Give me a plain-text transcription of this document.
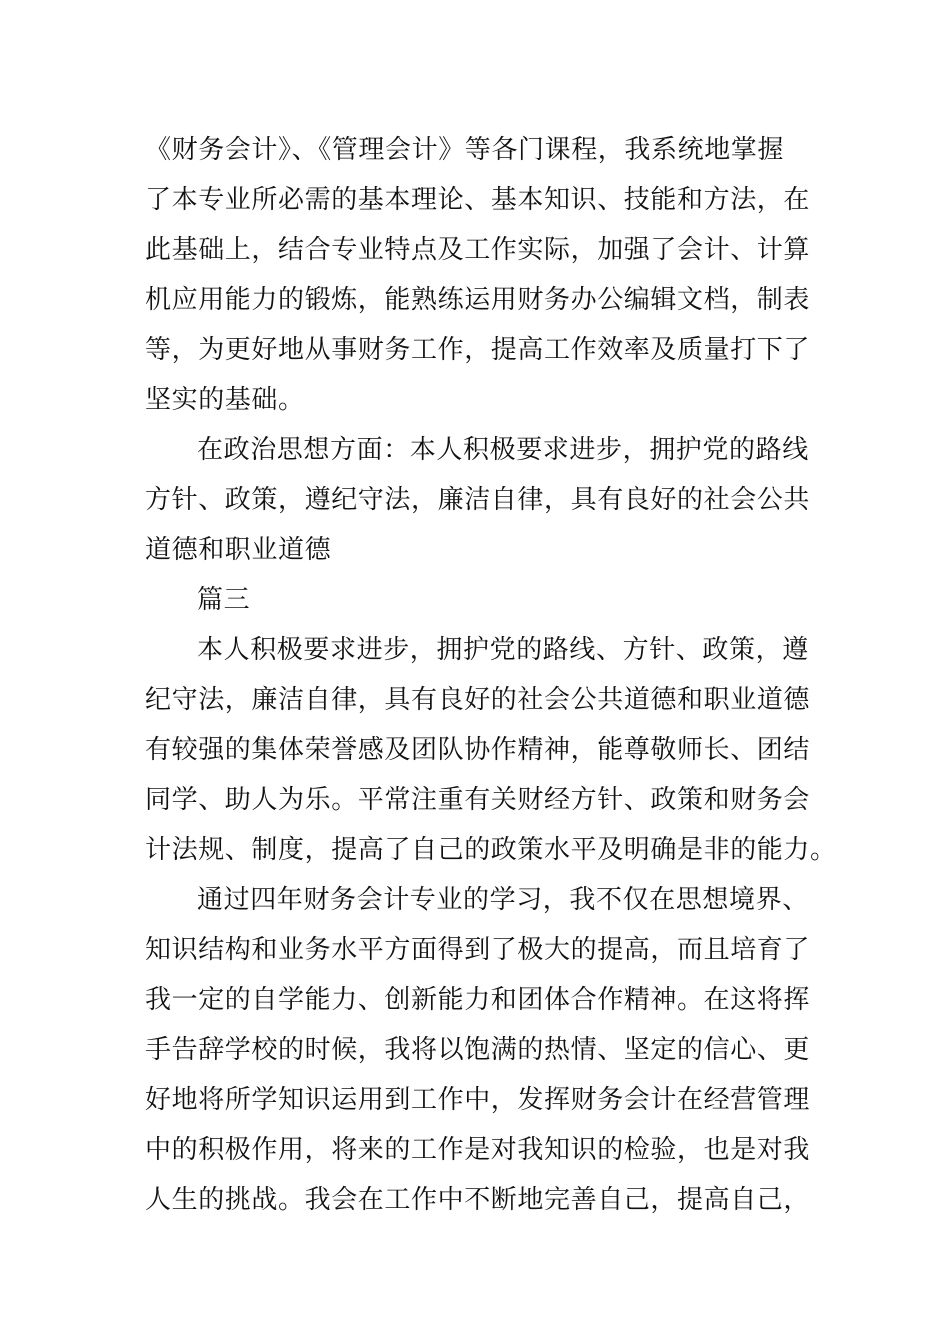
《财务会计》、《管理会计》等各门课程，我系统地掌握
了本专业所必需的基本理论、基本知识、技能和方法，在
此基础上，结合专业特点及工作实际，加强了会计、计算
机应用能力的锻炼，能熟练运用财务办公编辑文档，制表
等，为更好地从事财务工作，提高工作效率及质量打下了
坚实的基础。
在政治思想方面：本人积极要求进步，拥护党的路线
方针、政策，遵纪守法，廉洁自律，具有良好的社会公共
道德和职业道德
篇三
本人积极要求进步，拥护党的路线、方针、政策，遵
纪守法，廉洁自律，具有良好的社会公共道德和职业道德
有较强的集体荣誉感及团队协作精神，能尊敬师长、团结
同学、助人为乐。平常注重有关财经方针、政策和财务会
计法规、制度，提高了自己的政策水平及明确是非的能力。
通过四年财务会计专业的学习，我不仅在思想境界、
知识结构和业务水平方面得到了极大的提高，而且培育了
我一定的自学能力、创新能力和团体合作精神。在这将挥
手告辞学校的时候，我将以饱满的热情、坚定的信心、更
好地将所学知识运用到工作中，发挥财务会计在经营管理
中的积极作用，将来的工作是对我知识的检验，也是对我
人生的挑战。我会在工作中不断地完善自己，提高自己，
